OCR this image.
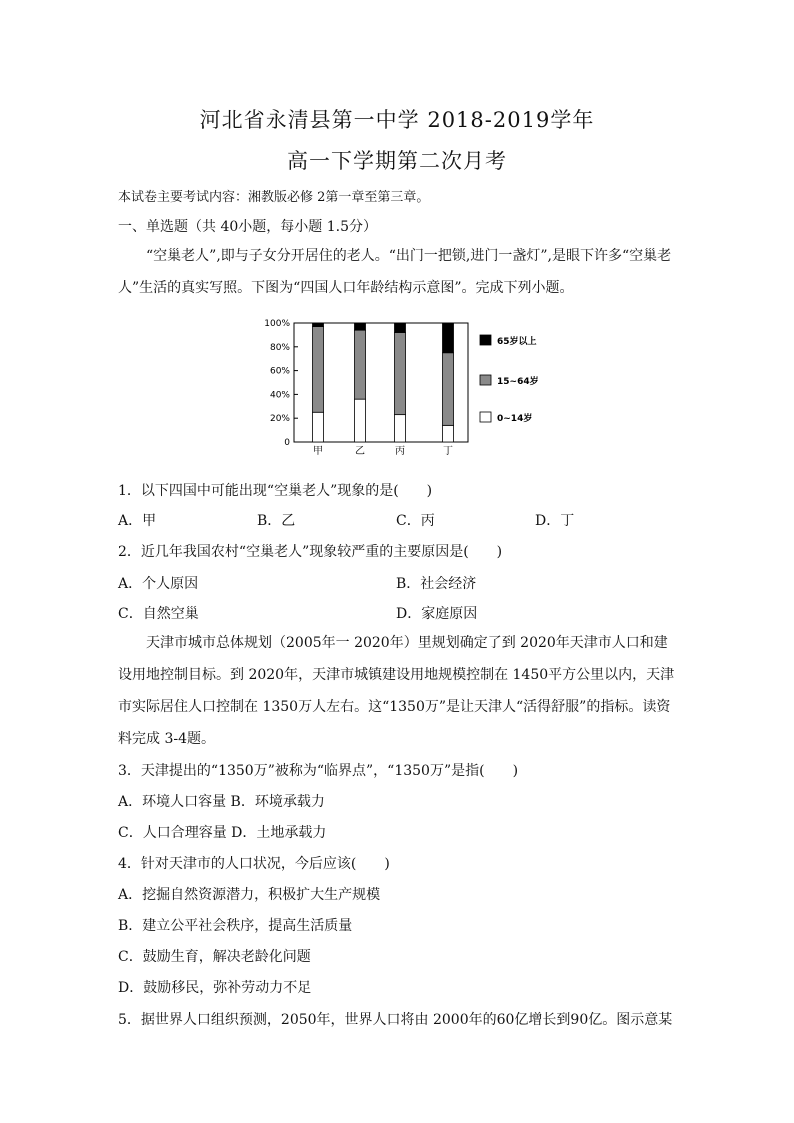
河北省永清县第一中学 2018-2019学年
高一下学期第二次月考
本试卷主要考试内容：湘教版必修 2第一章至第三章。
一、单选题（共 40小题，每小题 1.5分）
“空巢老人”,即与子女分开居住的老人。“出门一把锁,进门一盏灯”,是眼下许多“空巢老人”生活的真实写照。下图为“四国人口年龄结构示意图”。完成下列小题。
0
20%
40%
60%
80%
100%
甲	乙	丙	丁
65岁以上
15~64岁
0~14岁
1．以下四国中可能出现“空巢老人”现象的是(　　)
A．甲	B．乙	C．丙	D．丁
2．近几年我国农村“空巢老人”现象较严重的主要原因是(　　)
A．个人原因	B．社会经济
C．自然空巢	D．家庭原因
天津市城市总体规划（2005年一 2020年）里规划确定了到 2020年天津市人口和建设用地控制目标。到 2020年，天津市城镇建设用地规模控制在 1450平方公里以内，天津市实际居住人口控制在 1350万人左右。这“1350万”是让天津人“活得舒服”的指标。读资料完成 3-4题。
3．天津提出的“1350万”被称为“临界点”，“1350万”是指(　　)
A．环境人口容量 B．环境承载力
C．人口合理容量 D．土地承载力
4．针对天津市的人口状况，今后应该(　　)
A．挖掘自然资源潜力，积极扩大生产规模
B．建立公平社会秩序，提高生活质量
C．鼓励生育，解决老龄化问题
D．鼓励移民，弥补劳动力不足
5．据世界人口组织预测，2050年，世界人口将由 2000年的60亿增长到90亿。图示意某
